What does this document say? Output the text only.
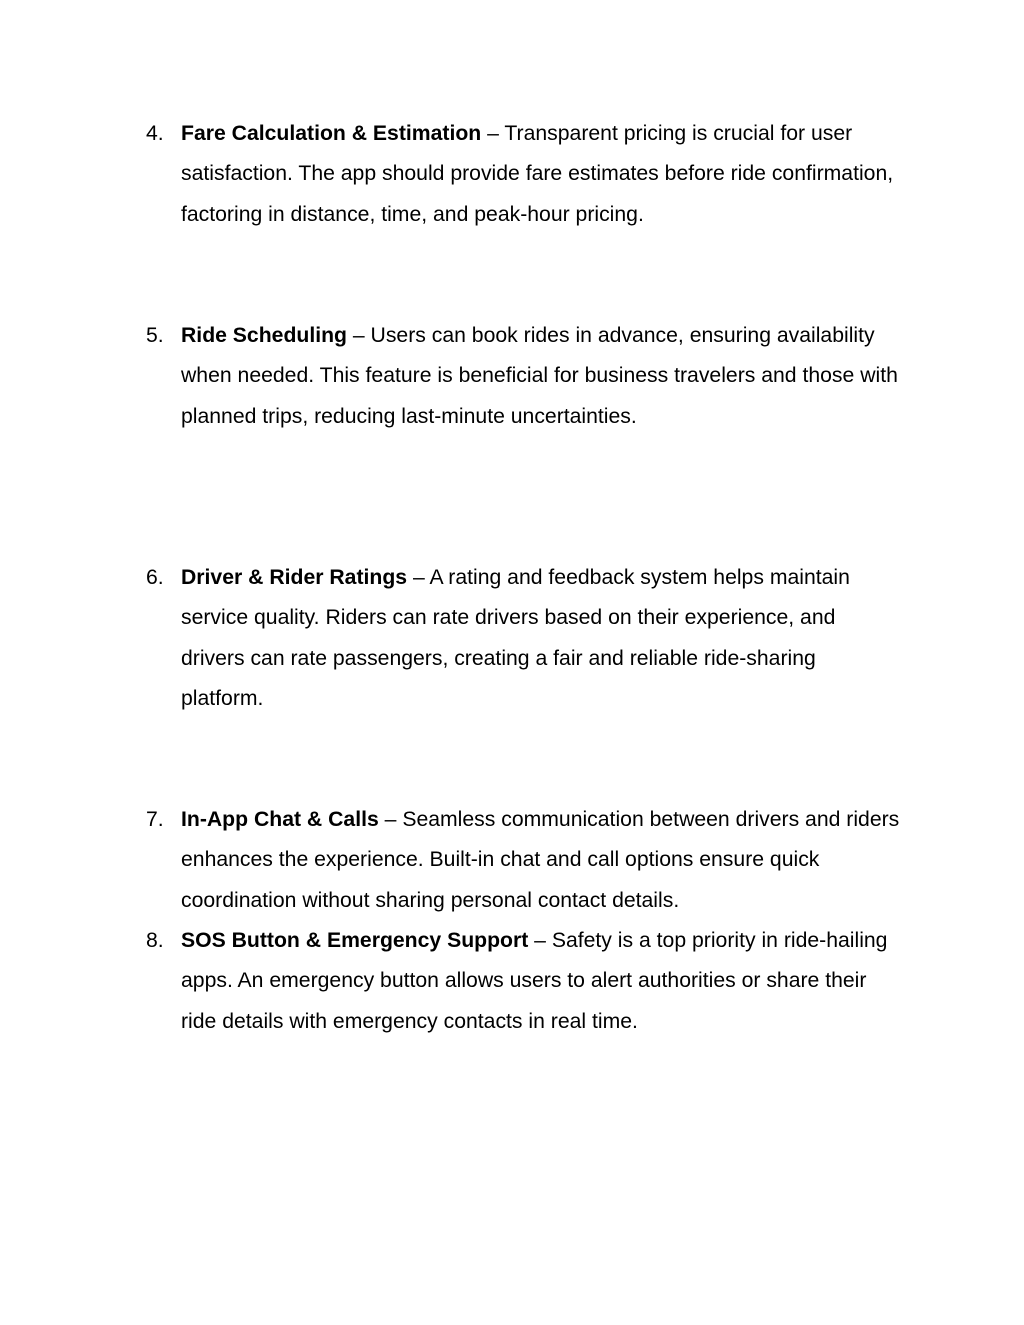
4. Fare Calculation & Estimation – Transparent pricing is crucial for user satisfaction. The app should provide fare estimates before ride confirmation, factoring in distance, time, and peak-hour pricing.
5. Ride Scheduling – Users can book rides in advance, ensuring availability when needed. This feature is beneficial for business travelers and those with planned trips, reducing last-minute uncertainties.
6. Driver & Rider Ratings – A rating and feedback system helps maintain service quality. Riders can rate drivers based on their experience, and drivers can rate passengers, creating a fair and reliable ride-sharing platform.
7. In-App Chat & Calls – Seamless communication between drivers and riders enhances the experience. Built-in chat and call options ensure quick coordination without sharing personal contact details.
8. SOS Button & Emergency Support – Safety is a top priority in ride-hailing apps. An emergency button allows users to alert authorities or share their ride details with emergency contacts in real time.
